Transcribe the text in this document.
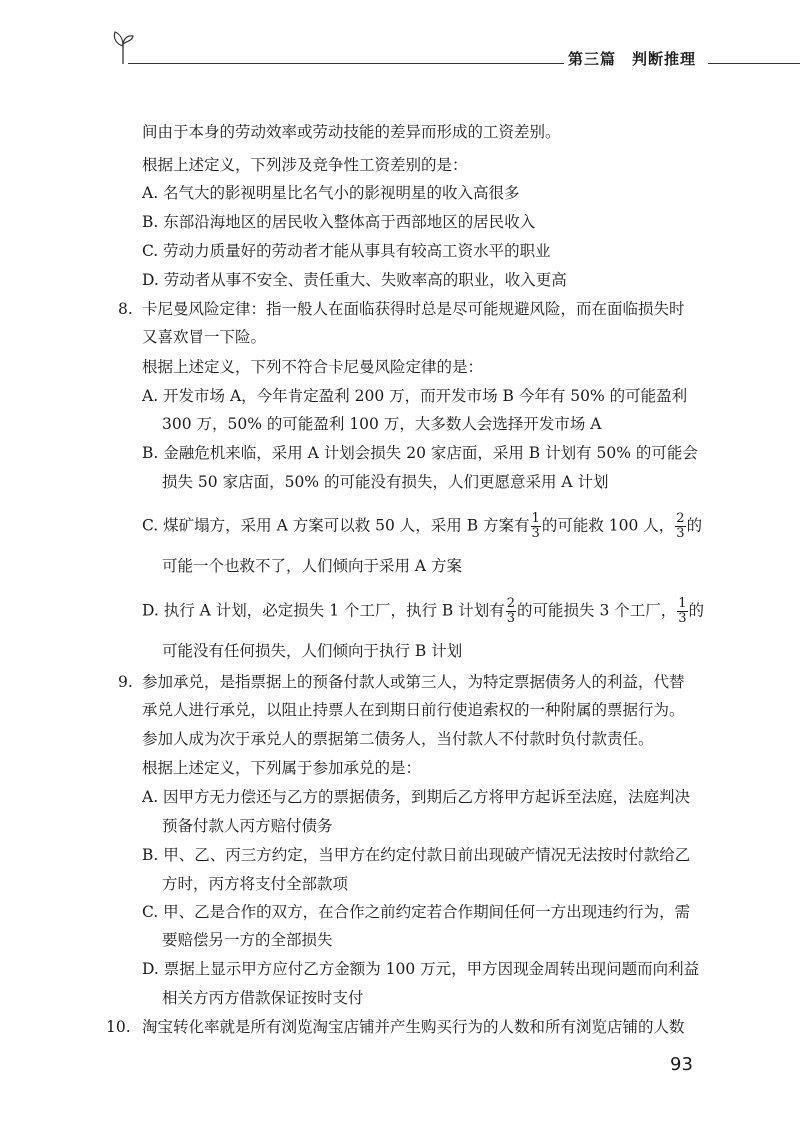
第三篇 判断推理
间由于本身的劳动效率或劳动技能的差异而形成的工资差别。
根据上述定义，下列涉及竞争性工资差别的是：
A. 名气大的影视明星比名气小的影视明星的收入高很多
B. 东部沿海地区的居民收入整体高于西部地区的居民收入
C. 劳动力质量好的劳动者才能从事具有较高工资水平的职业
D. 劳动者从事不安全、责任重大、失败率高的职业，收入更高
8. 卡尼曼风险定律：指一般人在面临获得时总是尽可能规避风险，而在面临损失时
又喜欢冒一下险。
根据上述定义，下列不符合卡尼曼风险定律的是：
A. 开发市场 A，今年肯定盈利 200 万，而开发市场 B 今年有 50% 的可能盈利
300 万，50% 的可能盈利 100 万，大多数人会选择开发市场 A
B. 金融危机来临，采用 A 计划会损失 20 家店面，采用 B 计划有 50% 的可能会
损失 50 家店面，50% 的可能没有损失，人们更愿意采用 A 计划
C. 煤矿塌方，采用 A 方案可以救 50 人，采用 B 方案有 $\frac{1}{3}$ 的可能救 100 人， $\frac{2}{3}$ 的
可能一个也救不了，人们倾向于采用 A 方案
D. 执行 A 计划，必定损失 1 个工厂，执行 B 计划有 $\frac{2}{3}$ 的可能损失 3 个工厂， $\frac{1}{3}$ 的
可能没有任何损失，人们倾向于执行 B 计划
9. 参加承兑，是指票据上的预备付款人或第三人，为特定票据债务人的利益，代替
承兑人进行承兑，以阻止持票人在到期日前行使追索权的一种附属的票据行为。
参加人成为次于承兑人的票据第二债务人，当付款人不付款时负付款责任。
根据上述定义，下列属于参加承兑的是：
A. 因甲方无力偿还与乙方的票据债务，到期后乙方将甲方起诉至法庭，法庭判决
预备付款人丙方赔付债务
B. 甲、乙、丙三方约定，当甲方在约定付款日前出现破产情况无法按时付款给乙
方时，丙方将支付全部款项
C. 甲、乙是合作的双方，在合作之前约定若合作期间任何一方出现违约行为，需
要赔偿另一方的全部损失
D. 票据上显示甲方应付乙方金额为 100 万元，甲方因现金周转出现问题而向利益
相关方丙方借款保证按时支付
10. 淘宝转化率就是所有浏览淘宝店铺并产生购买行为的人数和所有浏览店铺的人数
93
